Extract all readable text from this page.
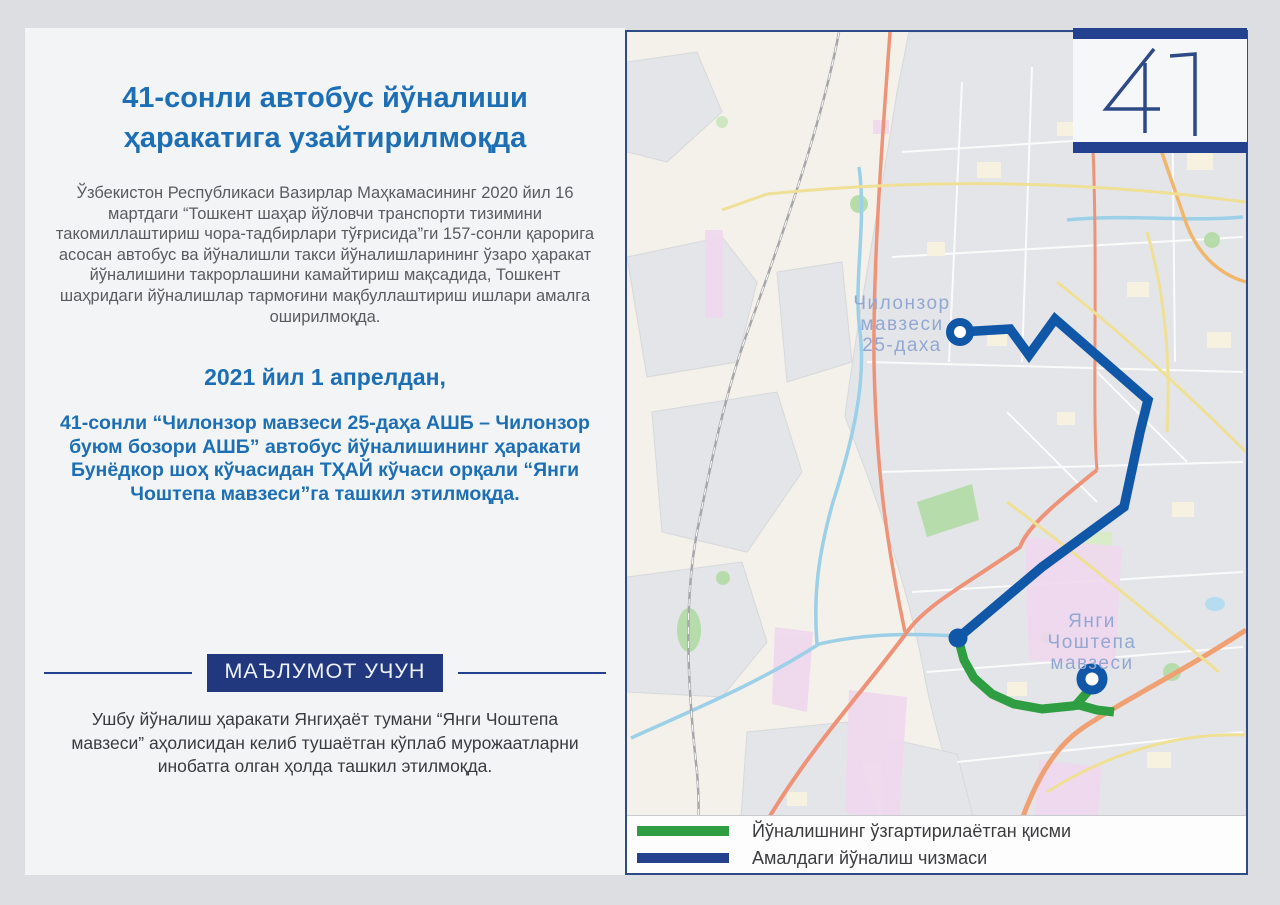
41-сонли автобус йўналиши ҳаракатига узайтирилмоқда
Ўзбекистон Республикаси Вазирлар Маҳкамасининг 2020 йил 16 мартдаги “Тошкент шаҳар йўловчи транспорти тизимини такомиллаштириш чора-тадбирлари тўғрисида”ги 157-сонли қарорига асосан автобус ва йўналишли такси йўналишларининг ўзаро ҳаракат йўналишини такрорлашини камайтириш мақсадида, Тошкент шаҳридаги йўналишлар тармоғини мақбуллаштириш ишлари амалга оширилмоқда.
2021 йил 1 апрелдан,
41-сонли “Чилонзор мавзеси 25-даҳа АШБ – Чилонзор буюм бозори АШБ” автобус йўналишининг ҳаракати Бунёдкор шоҳ кўчасидан ТҲАЙ кўчаси орқали “Янги Чоштепа мавзеси”га ташкил этилмоқда.
МАЪЛУМОТ УЧУН
Ушбу йўналиш ҳаракати Янгиҳаёт тумани “Янги Чоштепа мавзеси” аҳолисидан келиб тушаётган кўплаб мурожаатларни инобатга олган ҳолда ташкил этилмоқда.
Чилонзор
мавзеси
25-даха
Янги
Чоштепа
мавзеси
Йўналишнинг ўзгартирилаётган қисми
Амалдаги йўналиш чизмаси
